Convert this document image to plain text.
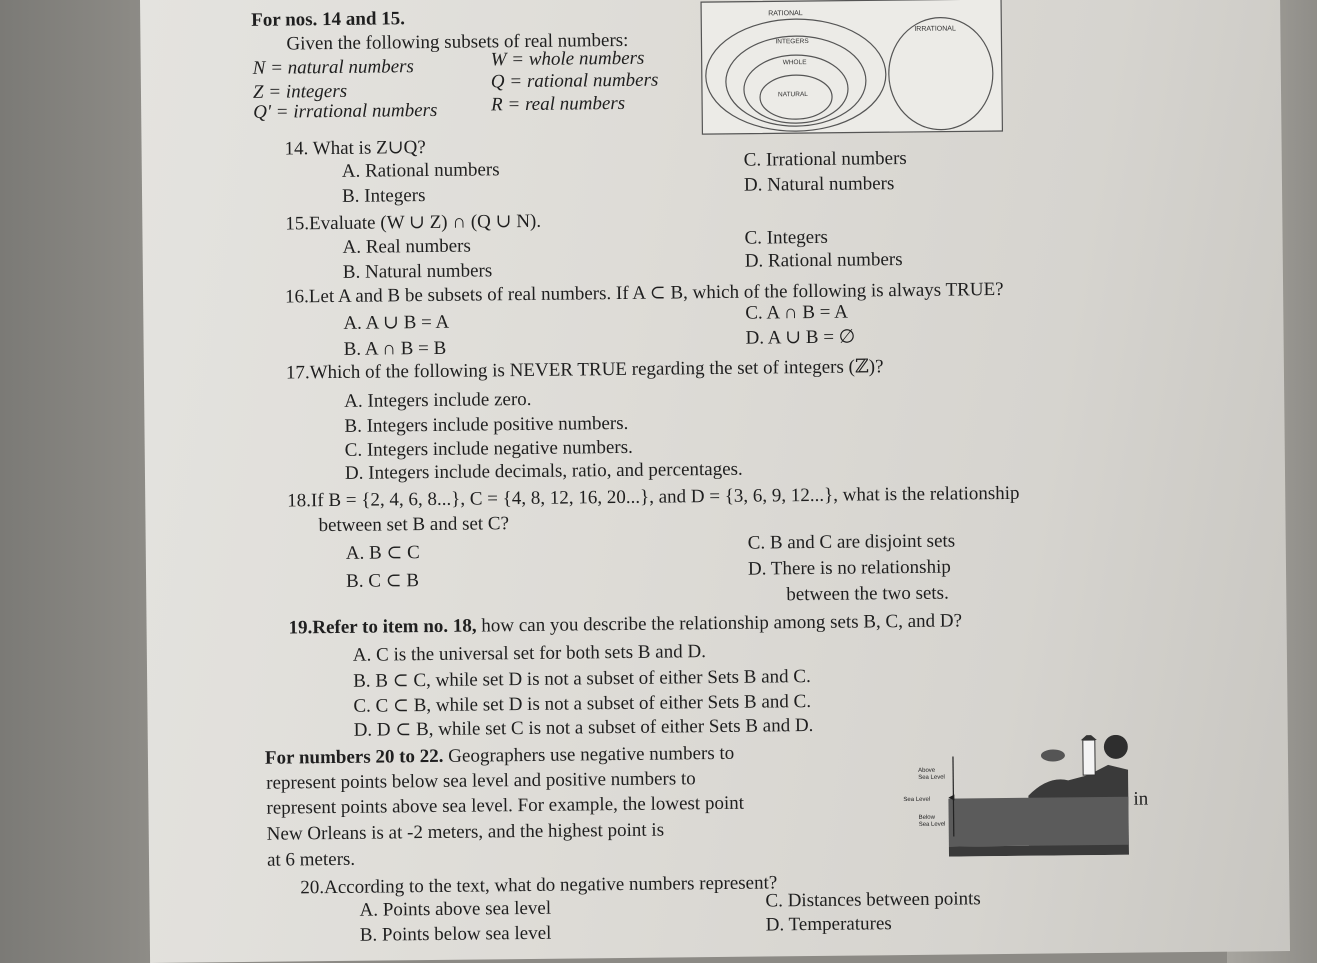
For nos. 14 and 15.
Given the following subsets of real numbers:
N = natural numbers	W = whole numbers
Z = integers	Q = rational numbers
Q' = irrational numbers	R = real numbers
RATIONAL
IRRATIONAL
INTEGERS
WHOLE
NATURAL
14. What is Z∪Q?
A. Rational numbers
B. Integers
C. Irrational numbers
D. Natural numbers
15.Evaluate (W ∪ Z) ∩ (Q ∪ N).
A. Real numbers
B. Natural numbers
C. Integers
D. Rational numbers
16.Let A and B be subsets of real numbers. If A ⊂ B, which of the following is always TRUE?
A. A ∪ B = A
B. A ∩ B = B
C. A ∩ B = A
D. A ∪ B = ∅
17.Which of the following is NEVER TRUE regarding the set of integers (ℤ)?
A. Integers include zero.
B. Integers include positive numbers.
C. Integers include negative numbers.
D. Integers include decimals, ratio, and percentages.
18.If B = {2, 4, 6, 8...}, C = {4, 8, 12, 16, 20...}, and D = {3, 6, 9, 12...}, what is the relationship
between set B and set C?
A. B ⊂ C
B. C ⊂ B
C. B and C are disjoint sets
D. There is no relationship
between the two sets.
19.Refer to item no. 18, how can you describe the relationship among sets B, C, and D?
A. C is the universal set for both sets B and D.
B. B ⊂ C, while set D is not a subset of either Sets B and C.
C. C ⊂ B, while set D is not a subset of either Sets B and C.
D. D ⊂ B, while set C is not a subset of either Sets B and D.
For numbers 20 to 22. Geographers use negative numbers to
represent points below sea level and positive numbers to
represent points above sea level. For example, the lowest point	in
New Orleans is at -2 meters, and the highest point is
at 6 meters.
Above
Sea Level
Sea Level
Below
Sea Level
20.According to the text, what do negative numbers represent?
A. Points above sea level
B. Points below sea level
C. Distances between points
D. Temperatures
